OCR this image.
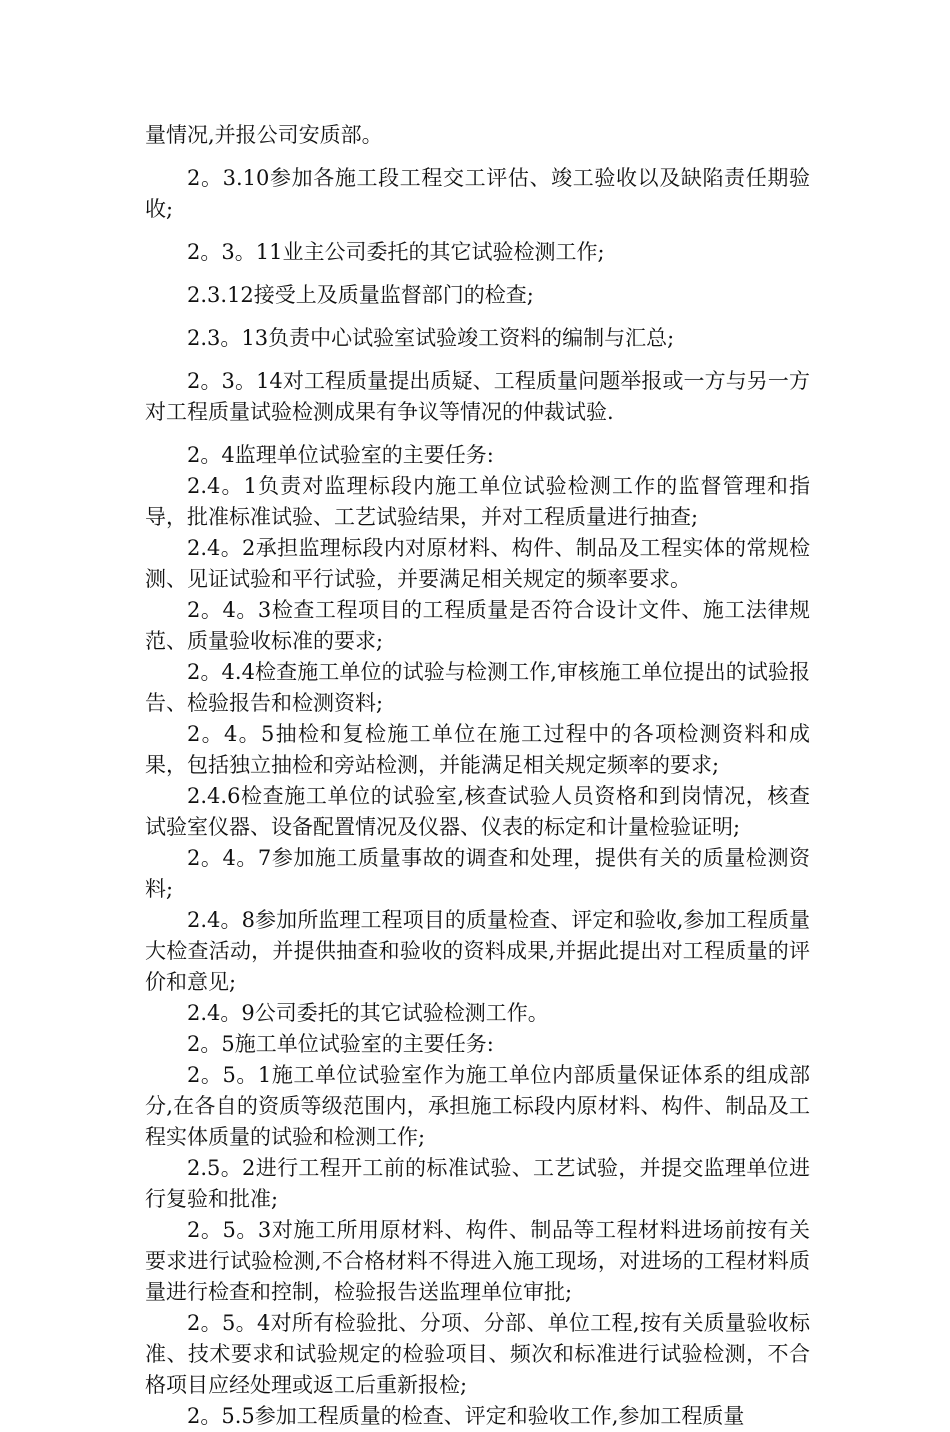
量情况,并报公司安质部。

2。3.10参加各施工段工程交工评估、竣工验收以及缺陷责任期验收;

2。3。11业主公司委托的其它试验检测工作;

2.3.12接受上及质量监督部门的检查;

2.3。13负责中心试验室试验竣工资料的编制与汇总;

2。3。14对工程质量提出质疑、工程质量问题举报或一方与另一方对工程质量试验检测成果有争议等情况的仲裁试验.

2。4监理单位试验室的主要任务:

2.4。1负责对监理标段内施工单位试验检测工作的监督管理和指导，批准标准试验、工艺试验结果，并对工程质量进行抽查;

2.4。2承担监理标段内对原材料、构件、制品及工程实体的常规检测、见证试验和平行试验，并要满足相关规定的频率要求。

2。4。3检查工程项目的工程质量是否符合设计文件、施工法律规范、质量验收标准的要求;

2。4.4检查施工单位的试验与检测工作,审核施工单位提出的试验报告、检验报告和检测资料;

2。4。5抽检和复检施工单位在施工过程中的各项检测资料和成果，包括独立抽检和旁站检测，并能满足相关规定频率的要求;

2.4.6检查施工单位的试验室,核查试验人员资格和到岗情况，核查试验室仪器、设备配置情况及仪器、仪表的标定和计量检验证明;

2。4。7参加施工质量事故的调查和处理，提供有关的质量检测资料;

2.4。8参加所监理工程项目的质量检查、评定和验收,参加工程质量大检查活动，并提供抽查和验收的资料成果,并据此提出对工程质量的评价和意见;

2.4。9公司委托的其它试验检测工作。

2。5施工单位试验室的主要任务:

2。5。1施工单位试验室作为施工单位内部质量保证体系的组成部分,在各自的资质等级范围内，承担施工标段内原材料、构件、制品及工程实体质量的试验和检测工作;

2.5。2进行工程开工前的标准试验、工艺试验，并提交监理单位进行复验和批准;

2。5。3对施工所用原材料、构件、制品等工程材料进场前按有关要求进行试验检测,不合格材料不得进入施工现场，对进场的工程材料质量进行检查和控制，检验报告送监理单位审批;

2。5。4对所有检验批、分项、分部、单位工程,按有关质量验收标准、技术要求和试验规定的检验项目、频次和标准进行试验检测，不合格项目应经处理或返工后重新报检;

2。5.5参加工程质量的检查、评定和验收工作,参加工程质量
